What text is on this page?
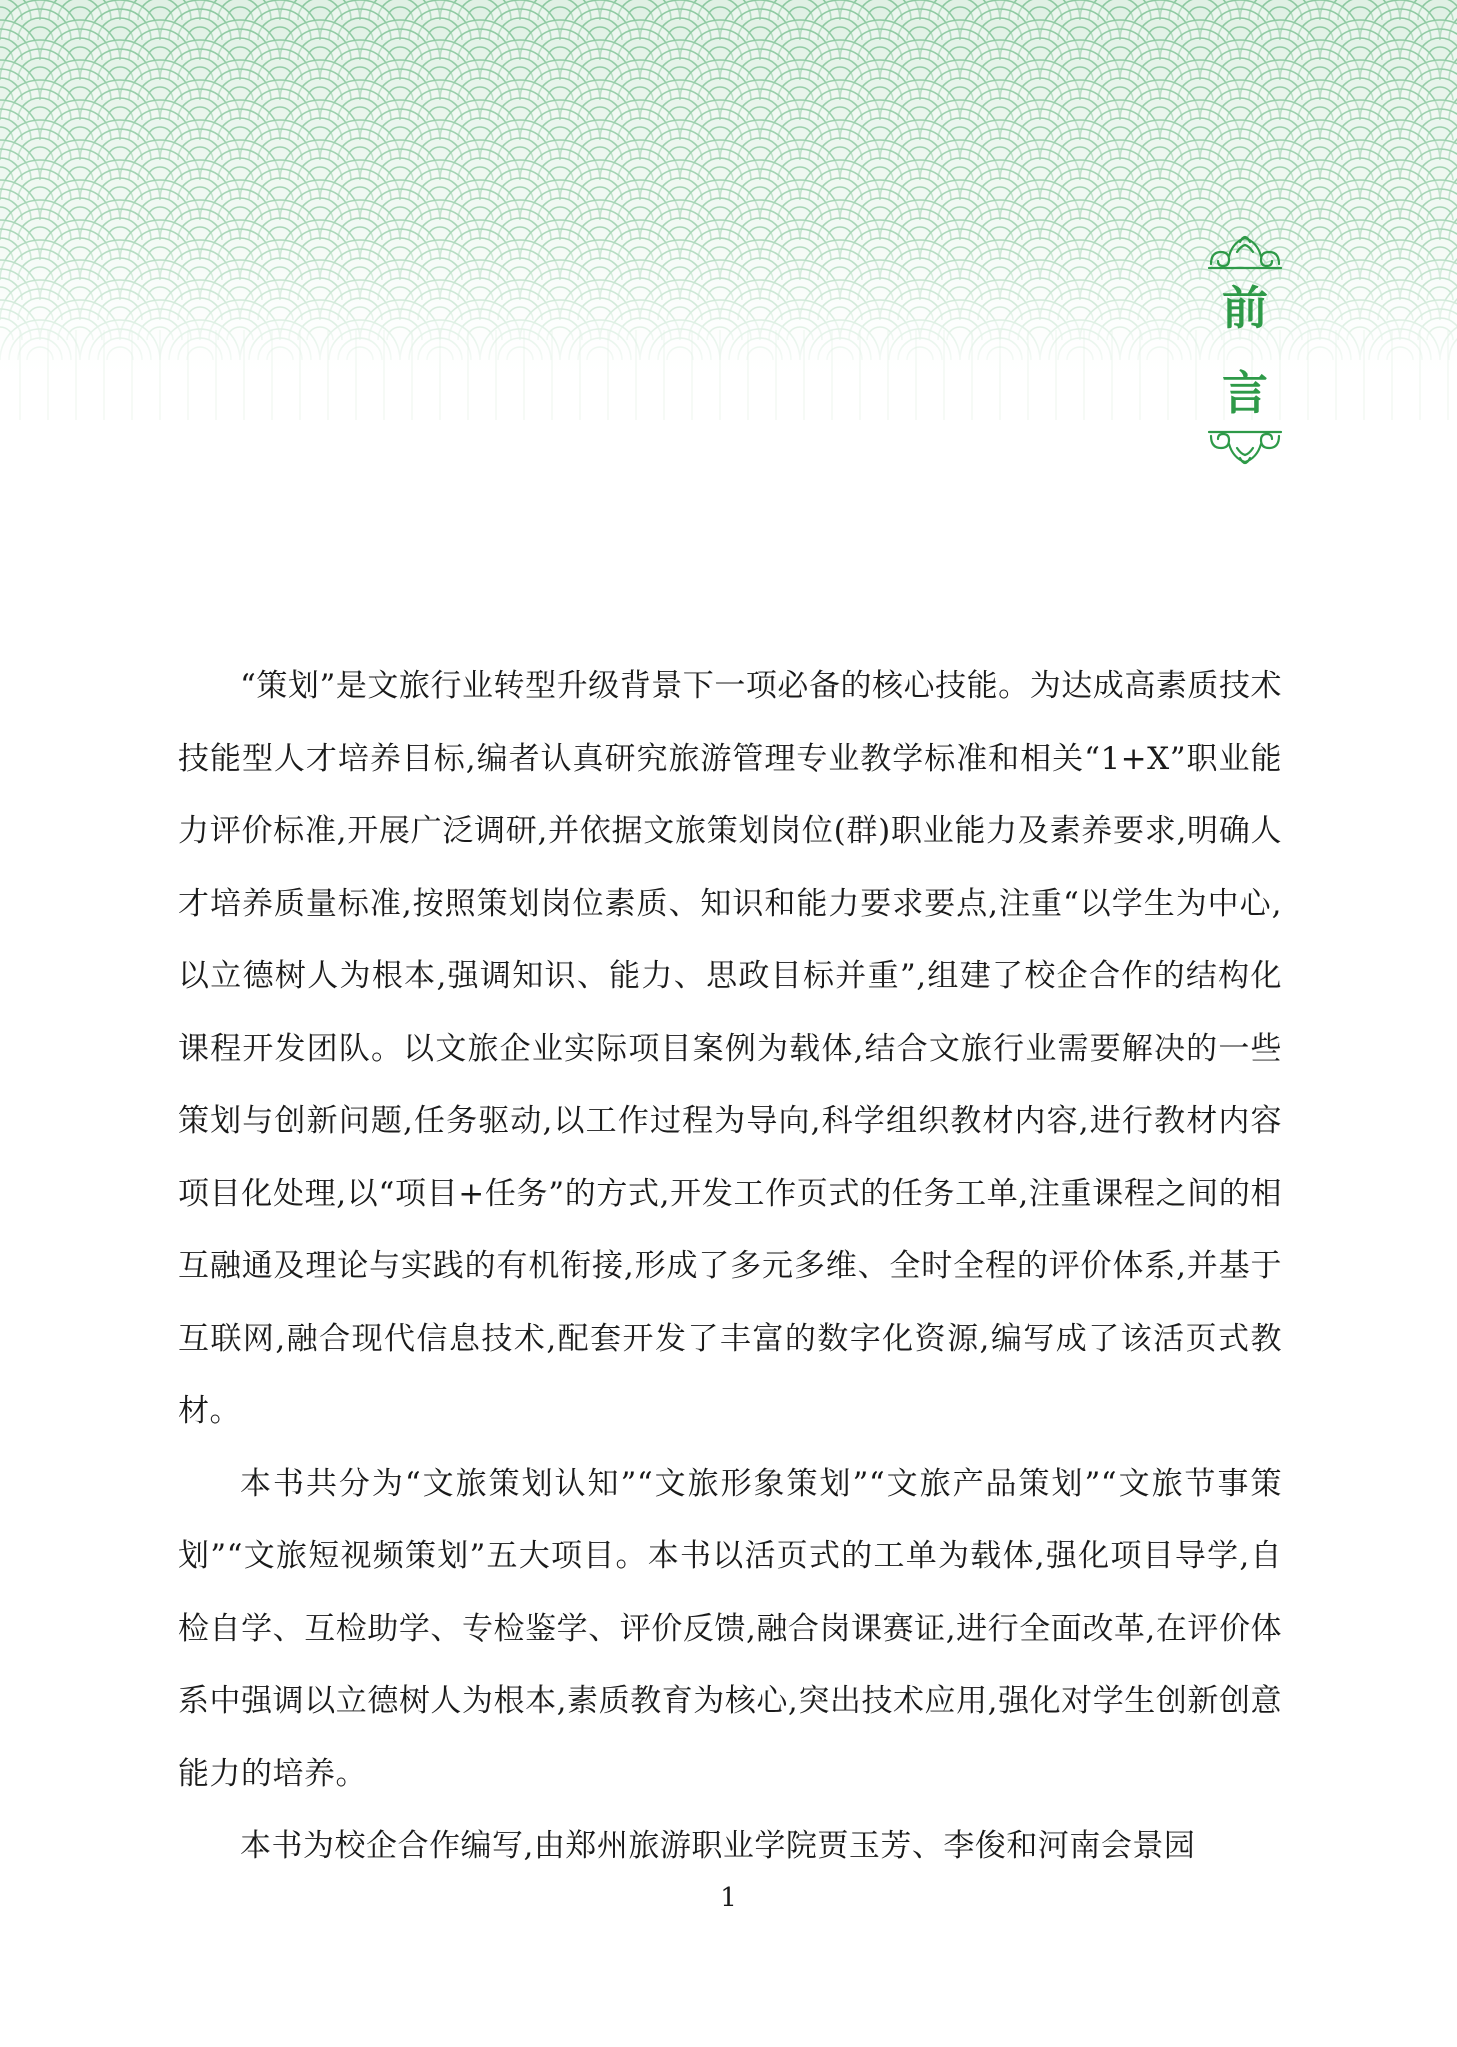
前
言

“策划”是文旅行业转型升级背景下一项必备的核心技能。为达成高素质技术技能型人才培养目标,编者认真研究旅游管理专业教学标准和相关“1+X”职业能力评价标准,开展广泛调研,并依据文旅策划岗位(群)职业能力及素养要求,明确人才培养质量标准,按照策划岗位素质、知识和能力要求要点,注重“以学生为中心,以立德树人为根本,强调知识、能力、思政目标并重”,组建了校企合作的结构化课程开发团队。以文旅企业实际项目案例为载体,结合文旅行业需要解决的一些策划与创新问题,任务驱动,以工作过程为导向,科学组织教材内容,进行教材内容项目化处理,以“项目+任务”的方式,开发工作页式的任务工单,注重课程之间的相互融通及理论与实践的有机衔接,形成了多元多维、全时全程的评价体系,并基于互联网,融合现代信息技术,配套开发了丰富的数字化资源,编写成了该活页式教材。

本书共分为“文旅策划认知”“文旅形象策划”“文旅产品策划”“文旅节事策划”“文旅短视频策划”五大项目。本书以活页式的工单为载体,强化项目导学,自检自学、互检助学、专检鉴学、评价反馈,融合岗课赛证,进行全面改革,在评价体系中强调以立德树人为根本,素质教育为核心,突出技术应用,强化对学生创新创意能力的培养。

本书为校企合作编写,由郑州旅游职业学院贾玉芳、李俊和河南会景园

1
